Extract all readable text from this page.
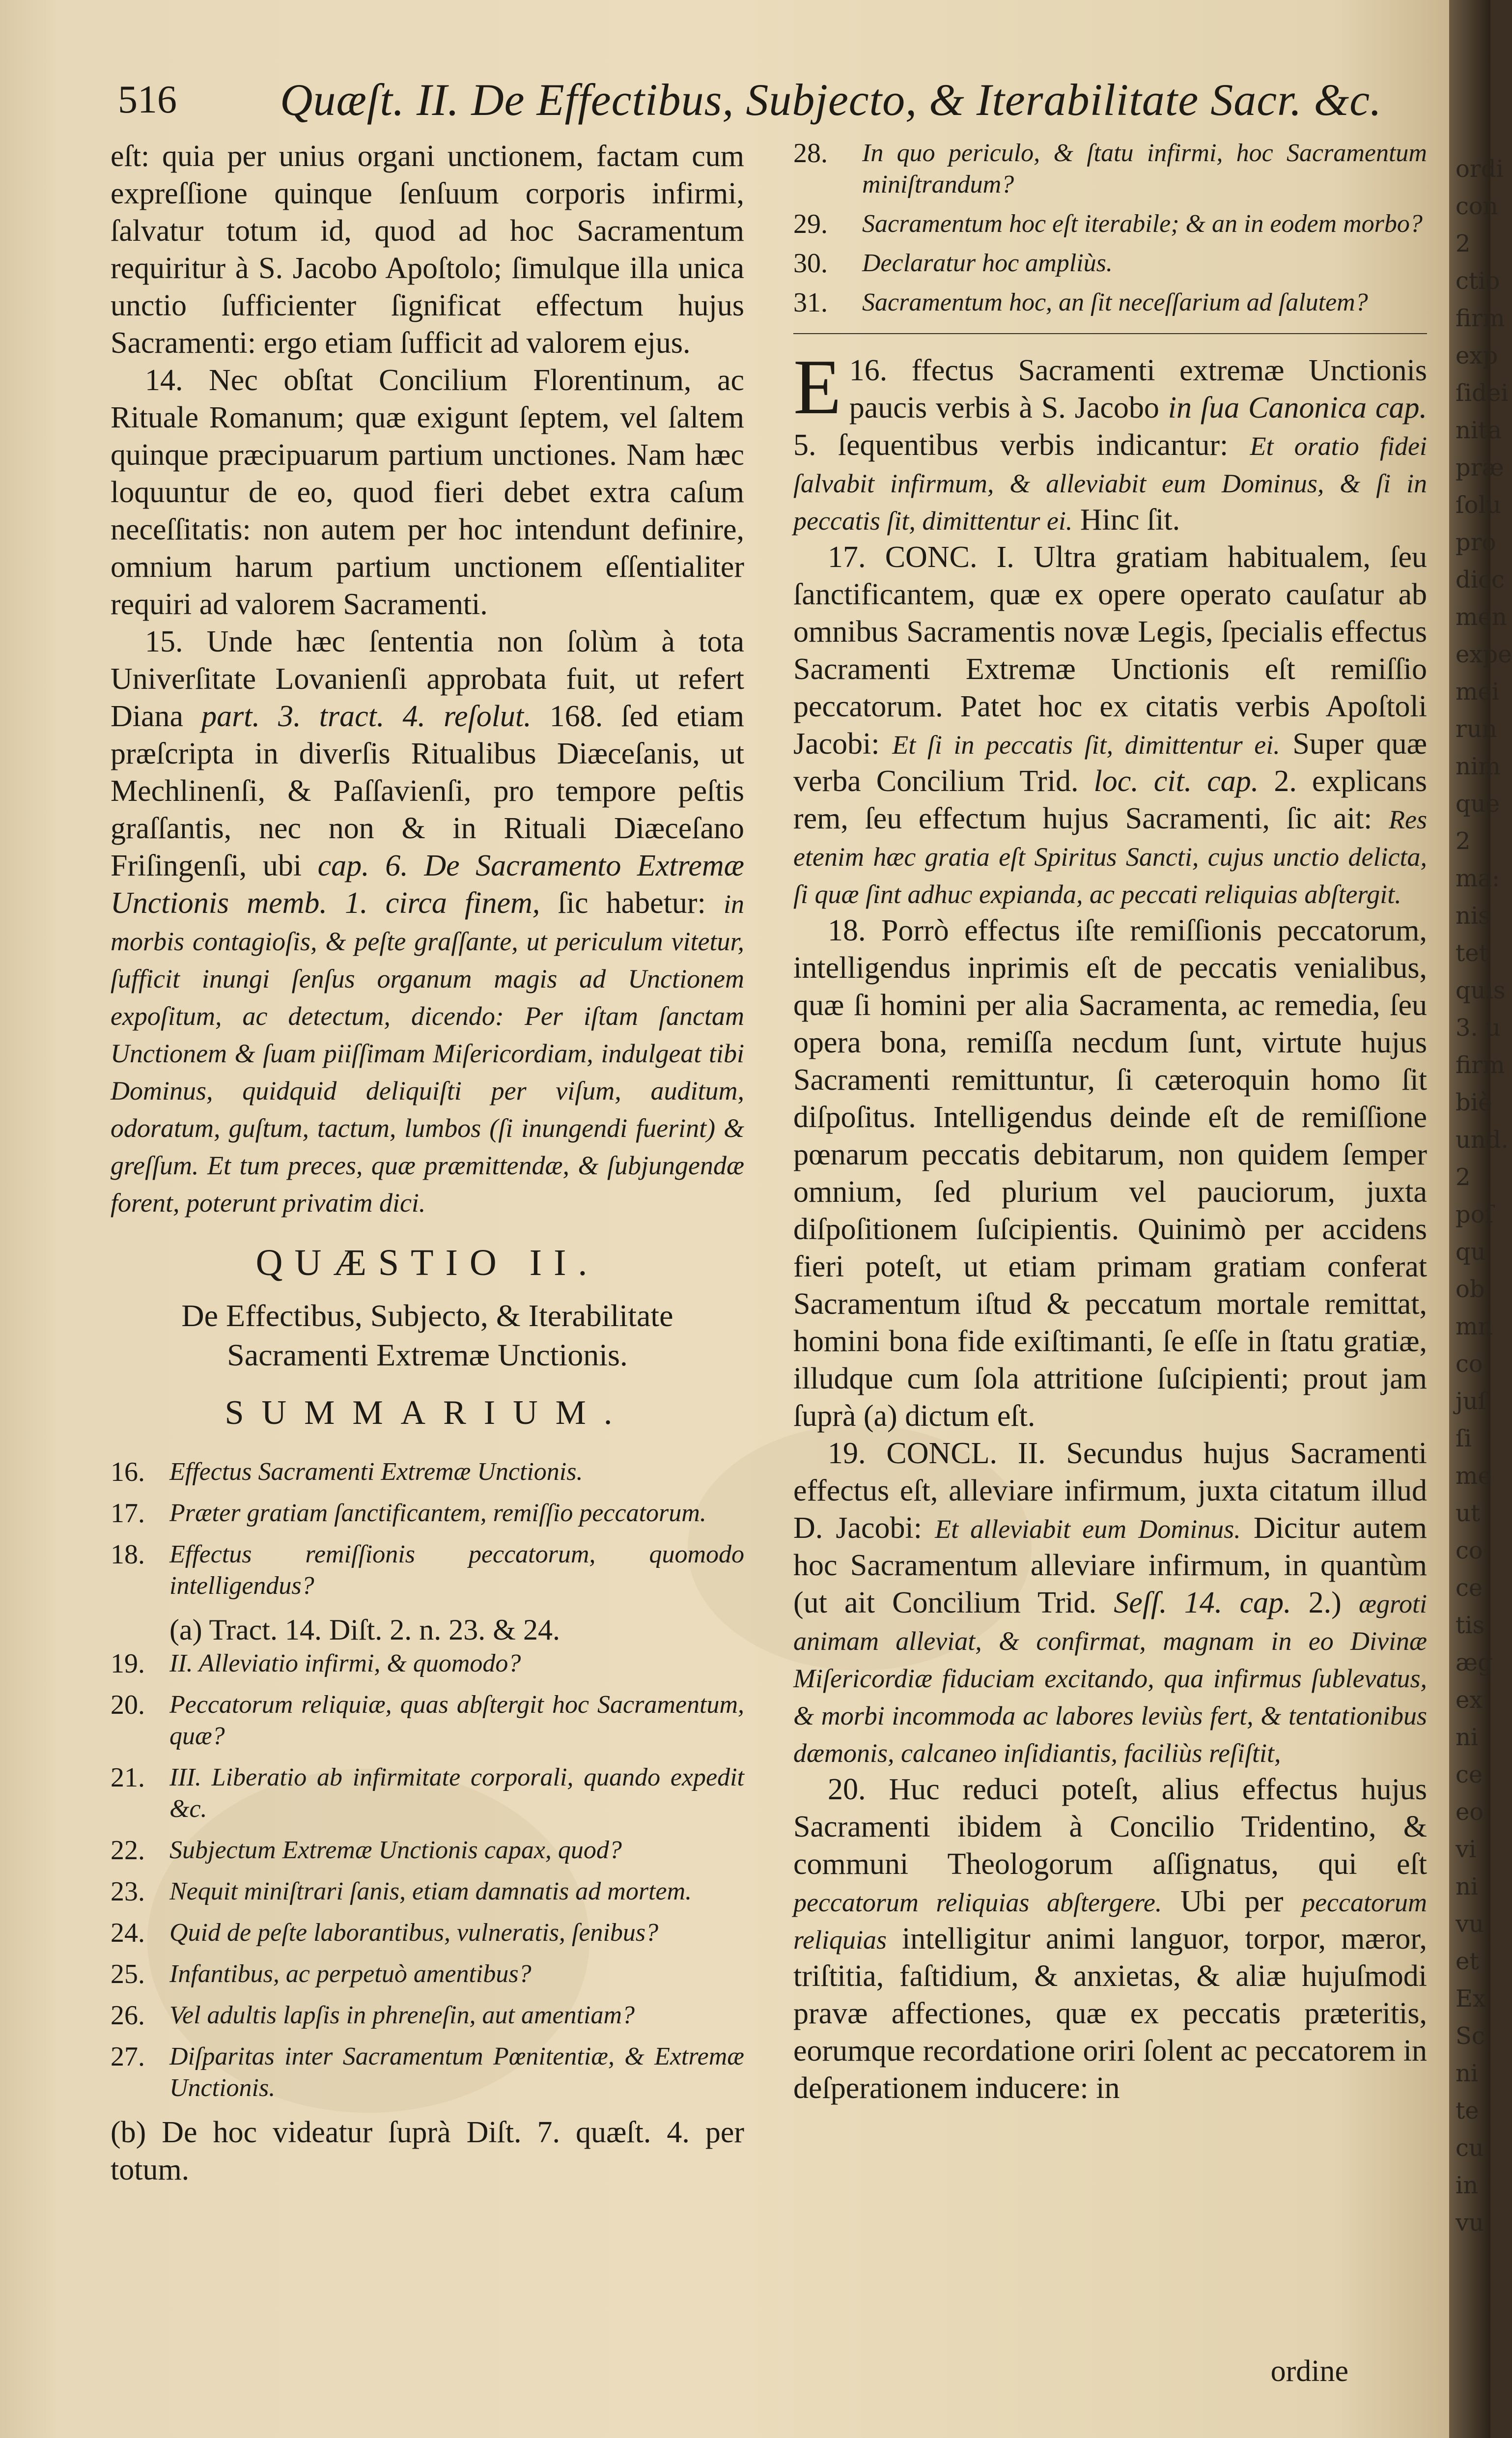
516 Quæſt. II. De Effectibus, Subjecto, & Iterabilitate Sacr. &c.

eſt: quia per unius organi unctionem, factam cum expreſſione quinque ſenſuum corporis infirmi, ſalvatur totum id, quod ad hoc Sacramentum requiritur à S. Jacobo Apoſtolo; ſimulque illa unica unctio ſufficienter ſignificat effectum hujus Sacramenti: ergo etiam ſufficit ad valorem ejus.

14. Nec obſtat Concilium Florentinum, ac Rituale Romanum; quæ exigunt ſeptem, vel ſaltem quinque præcipuarum partium unctiones. Nam hæc loquuntur de eo, quod fieri debet extra caſum neceſſitatis: non autem per hoc intendunt definire, omnium harum partium unctionem eſſentialiter requiri ad valorem Sacramenti.

15. Unde hæc ſententia non ſolùm à tota Univerſitate Lovanienſi approbata fuit, ut refert Diana part. 3. tract. 4. reſolut. 168. ſed etiam præſcripta in diverſis Ritualibus Diæceſanis, ut Mechlinenſi, & Paſſavienſi, pro tempore peſtis graſſantis, nec non & in Rituali Diæceſano Friſingenſi, ubi cap. 6. De Sacramento Extremæ Unctionis memb. 1. circa finem, ſic habetur: in morbis contagioſis, & peſte graſſante, ut periculum vitetur, ſufficit inungi ſenſus organum magis ad Unctionem expoſitum, ac detectum, dicendo: Per iſtam ſanctam Unctionem & ſuam piiſſimam Miſericordiam, indulgeat tibi Dominus, quidquid deliquiſti per viſum, auditum, odoratum, guſtum, tactum, lumbos (ſi inungendi fuerint) & greſſum. Et tum preces, quæ præmittendæ, & ſubjungendæ forent, poterunt privatim dici.

QUÆSTIO II.
De Effectibus, Subjecto, & Iterabilitate Sacramenti Extremæ Unctionis.
SUMMARIUM.
16. Effectus Sacramenti Extremæ Unctionis.
17. Præter gratiam ſanctificantem, remiſſio peccatorum.
18. Effectus remiſſionis peccatorum, quomodo intelligendus?

(a) Tract. 14. Diſt. 2. n. 23. & 24.

19. II. Alleviatio infirmi, & quomodo?
20. Peccatorum reliquiæ, quas abſtergit hoc Sacramentum, quæ?
21. III. Liberatio ab infirmitate corporali, quando expedit &c.
22. Subjectum Extremæ Unctionis capax, quod?
23. Nequit miniſtrari ſanis, etiam damnatis ad mortem.
24. Quid de peſte laborantibus, vulneratis, ſenibus?
25. Infantibus, ac perpetuò amentibus?
26. Vel adultis lapſis in phreneſin, aut amentiam?
27. Diſparitas inter Sacramentum Pœnitentiæ, & Extremæ Unctionis.

(b) De hoc videatur ſuprà Diſt. 7. quæſt. 4. per totum.

28. In quo periculo, & ſtatu infirmi, hoc Sacramentum miniſtrandum?
29. Sacramentum hoc eſt iterabile; & an in eodem morbo?
30. Declaratur hoc ampliùs.
31. Sacramentum hoc, an ſit neceſſarium ad ſalutem?

16.
E ffectus Sacramenti extremæ Unctionis paucis verbis à S. Jacobo in ſua Canonica cap. 5. ſequentibus verbis indicantur: Et oratio fidei ſalvabit infirmum, & alleviabit eum Dominus, & ſi in peccatis ſit, dimittentur ei. Hinc ſit.

17. CONC. I. Ultra gratiam habitualem, ſeu ſanctificantem, quæ ex opere operato cauſatur ab omnibus Sacramentis novæ Legis, ſpecialis effectus Sacramenti Extremæ Unctionis eſt remiſſio peccatorum. Patet hoc ex citatis verbis Apoſtoli Jacobi: Et ſi in peccatis ſit, dimittentur ei. Super quæ verba Concilium Trid. loc. cit. cap. 2. explicans rem, ſeu effectum hujus Sacramenti, ſic ait: Res etenim hæc gratia eſt Spiritus Sancti, cujus unctio delicta, ſi quæ ſint adhuc expianda, ac peccati reliquias abſtergit.

18. Porrò effectus iſte remiſſionis peccatorum, intelligendus inprimis eſt de peccatis venialibus, quæ ſi homini per alia Sacramenta, ac remedia, ſeu opera bona, remiſſa necdum ſunt, virtute hujus Sacramenti remittuntur, ſi cæteroquin homo ſit diſpoſitus. Intelligendus deinde eſt de remiſſione pœnarum peccatis debitarum, non quidem ſemper omnium, ſed plurium vel pauciorum, juxta diſpoſitionem ſuſcipientis. Quinimò per accidens fieri poteſt, ut etiam primam gratiam conferat Sacramentum iſtud & peccatum mortale remittat, homini bona fide exiſtimanti, ſe eſſe in ſtatu gratiæ, illudque cum ſola attritione ſuſcipienti; prout jam ſuprà (a) dictum eſt.

19. CONCL. II. Secundus hujus Sacramenti effectus eſt, alleviare infirmum, juxta citatum illud D. Jacobi: Et alleviabit eum Dominus. Dicitur autem hoc Sacramentum alleviare infirmum, in quantùm (ut ait Concilium Trid. Seſſ. 14. cap. 2.) ægroti animam alleviat, & confirmat, magnam in eo Divinæ Miſericordiæ fiduciam excitando, qua infirmus ſublevatus, & morbi incommoda ac labores leviùs fert, & tentationibus dæmonis, calcaneo inſidiantis, faciliùs reſiſtit,

20. Huc reduci poteſt, alius effectus hujus Sacramenti ibidem à Concilio Tridentino, & communi Theologorum aſſignatus, qui eſt peccatorum reliquias abſtergere. Ubi per peccatorum reliquias intelligitur animi languor, torpor, mæror, triſtitia, faſtidium, & anxietas, & aliæ hujuſmodi pravæ affectiones, quæ ex peccatis præteritis, eorumque recordatione oriri ſolent ac peccatorem in deſperationem inducere: in

ordine
ordi
con
2
ctio
firm
exp
ſidei
nita
præ
ſolu
pro
dicc
men
expe
mei
run
nim
que
2
ma:
nis
tet
quis
3. u
firm
biè
und.
2
poſ
qu
ob
mn
co
juſ
ſi
me
ut
co
ce
tis
æg
ex
ni
ce
eo
vi
ni
vu
et
Ex
Sc
ni
te
cu
in
vu
